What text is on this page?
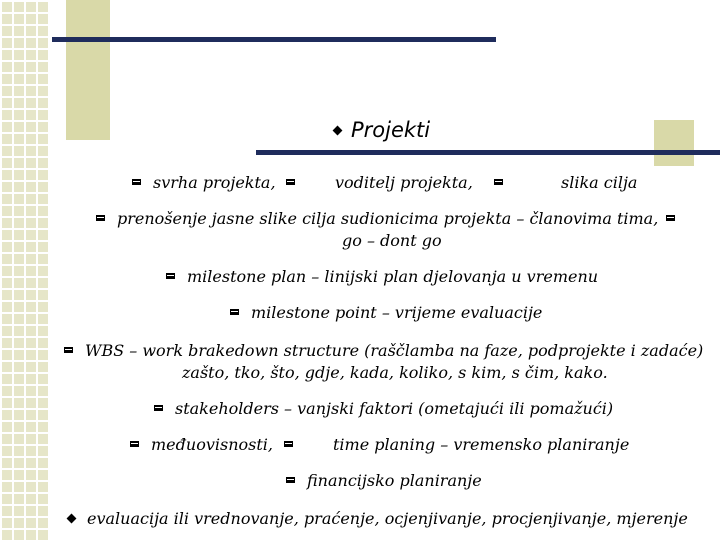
Projekti
svrha projekta,	voditelj projekta,	slika cilja
prenošenje jasne slike cilja sudionicima projekta – članovima tima,
go – dont go
milestone plan – linijski plan djelovanja u vremenu
milestone point – vrijeme evaluacije
WBS – work brakedown structure (raščlamba na faze, podprojekte i zadaće)
zašto, tko, što, gdje, kada, koliko, s kim, s čim, kako.
stakeholders – vanjski faktori (ometajući ili pomažući)
međuovisnosti,	time planing – vremensko planiranje
financijsko planiranje
evaluacija ili vrednovanje, praćenje, ocjenjivanje, procjenjivanje, mjerenje
